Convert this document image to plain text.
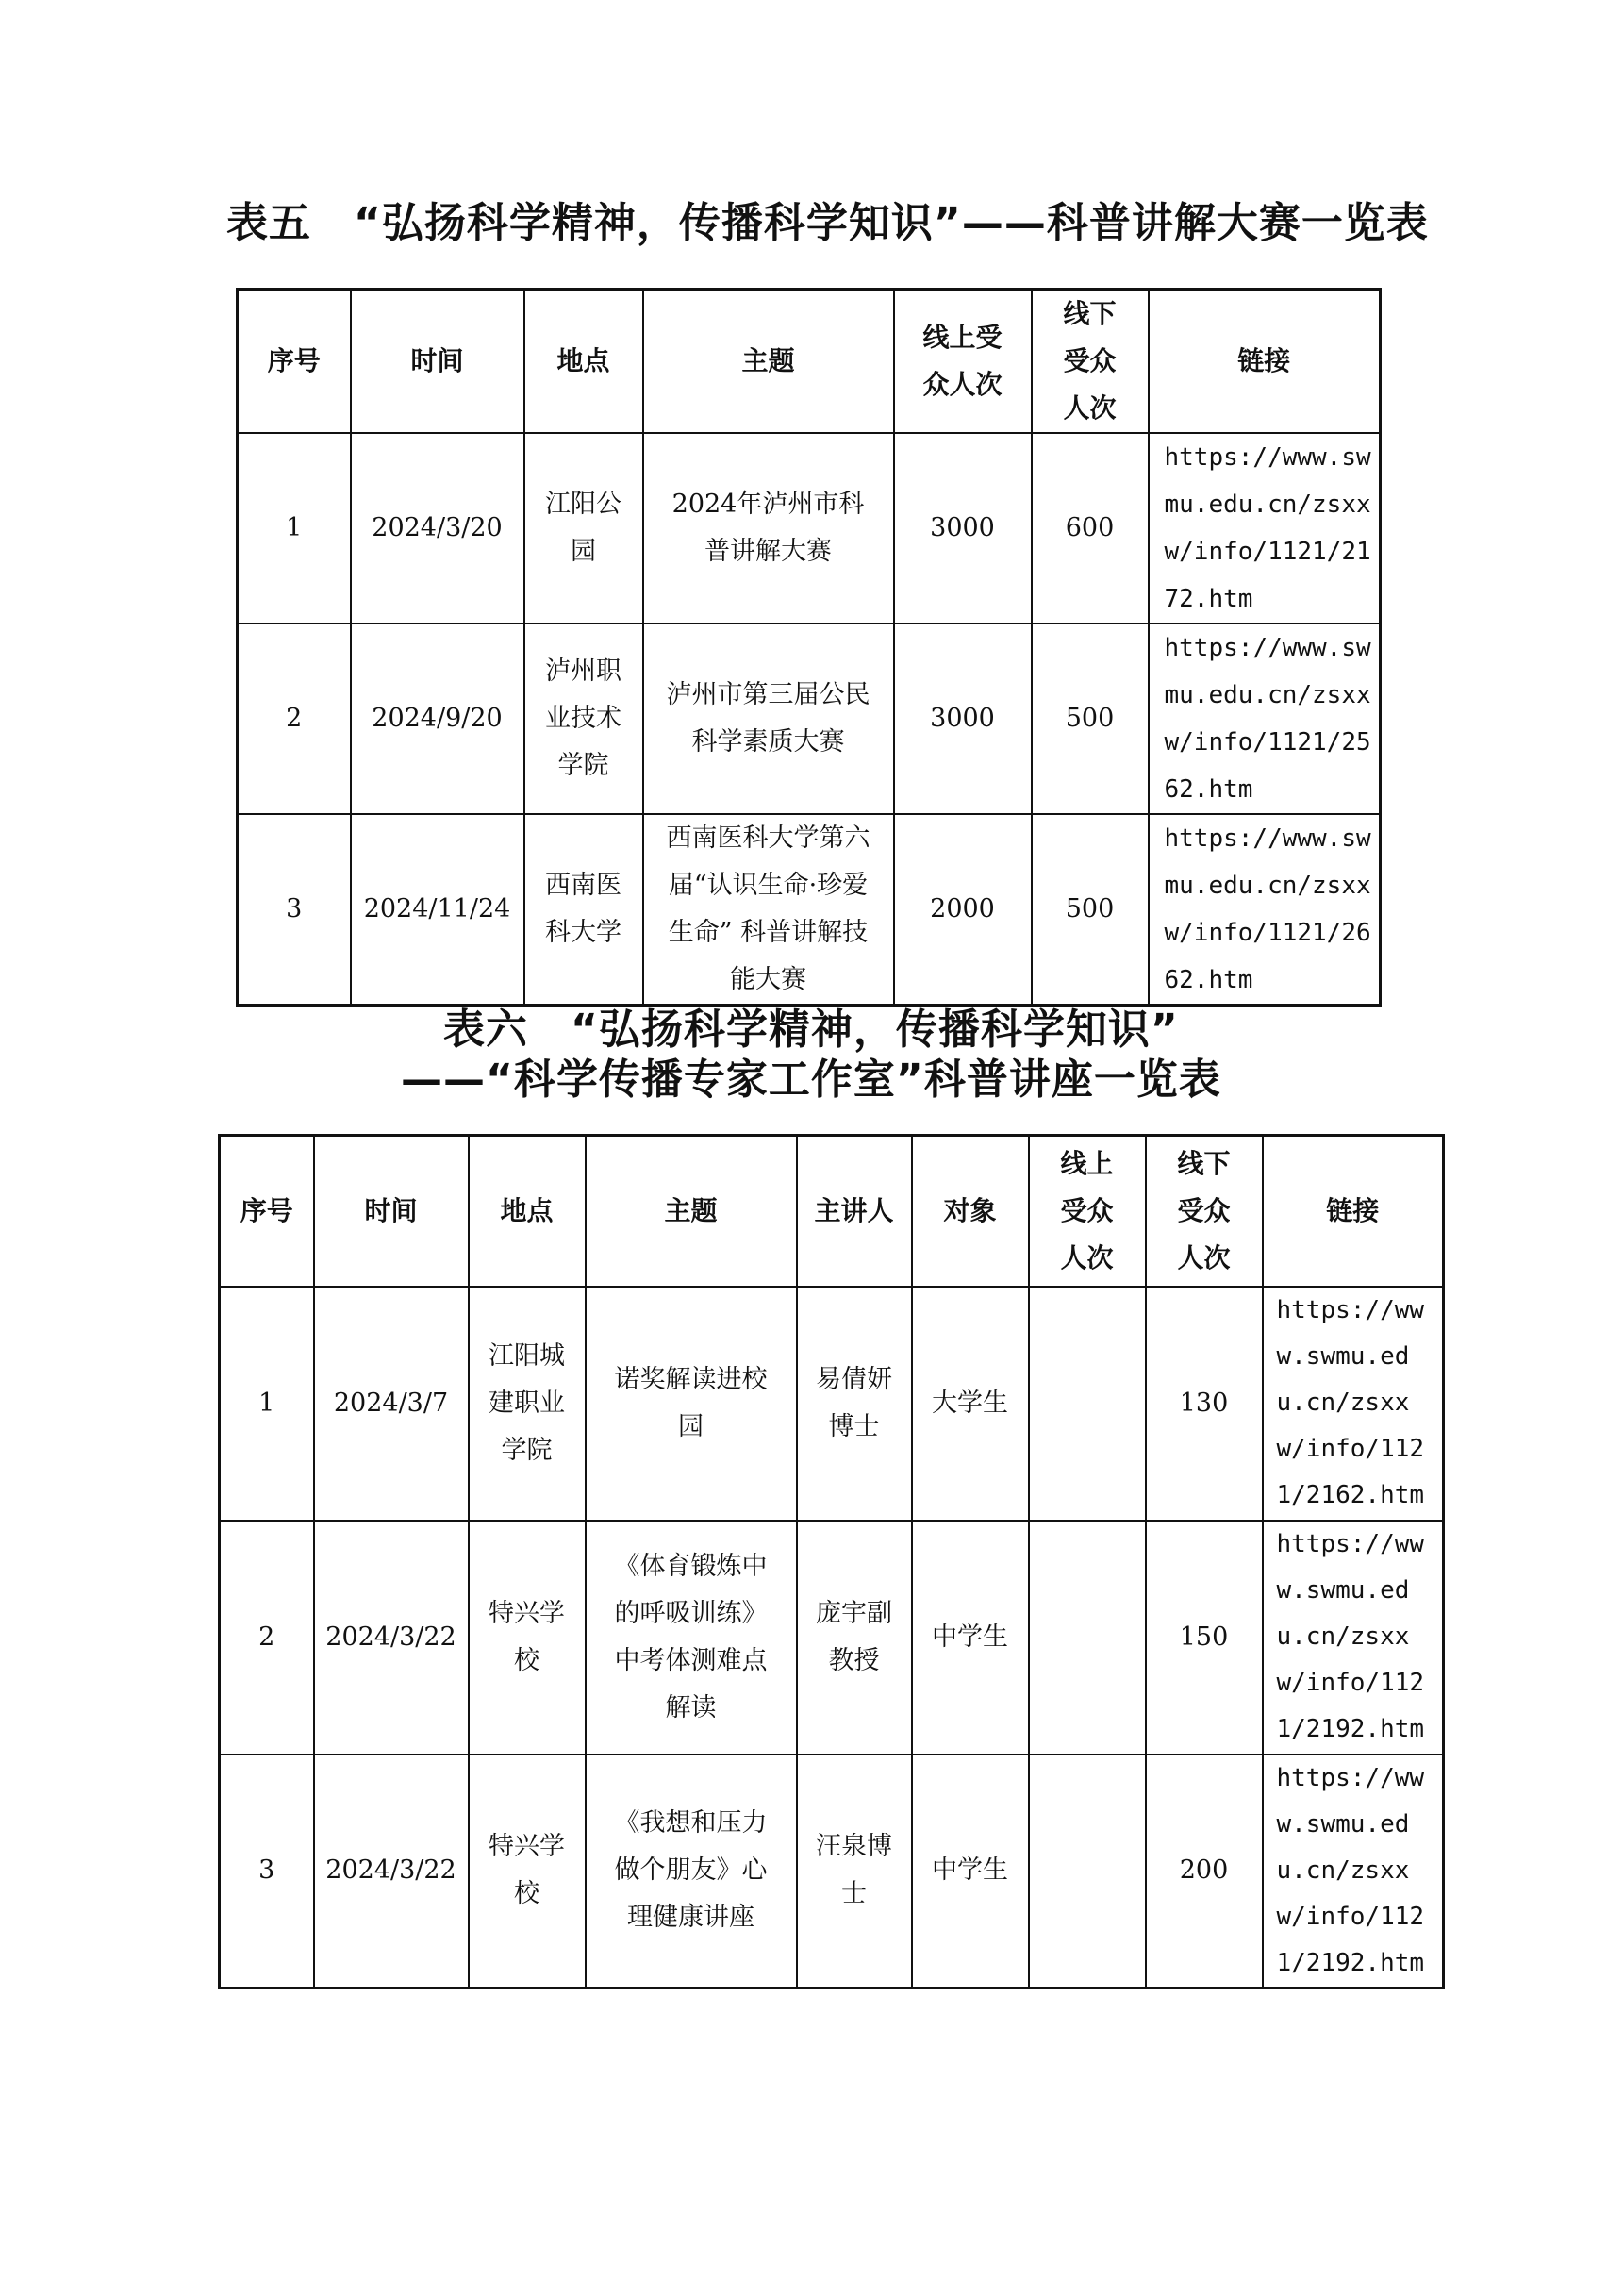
表五　“弘扬科学精神，传播科学知识”——科普讲解大赛一览表
序号	时间	地点	主题	线上受众人次	线下受众人次	链接
1	2024/3/20	江阳公园	2024年泸州市科普讲解大赛	3000	600	https://www.swmu.edu.cn/zsxxw/info/1121/2172.htm
2	2024/9/20	泸州职业技术学院	泸州市第三届公民科学素质大赛	3000	500	https://www.swmu.edu.cn/zsxxw/info/1121/2562.htm
3	2024/11/24	西南医科大学	西南医科大学第六届“认识生命·珍爱生命” 科普讲解技能大赛	2000	500	https://www.swmu.edu.cn/zsxxw/info/1121/2662.htm
表六　“弘扬科学精神，传播科学知识”
——“科学传播专家工作室”科普讲座一览表
序号	时间	地点	主题	主讲人	对象	线上受众人次	线下受众人次	链接
1	2024/3/7	江阳城建职业学院	诺奖解读进校园	易倩妍博士	大学生		130	https://www.swmu.edu.cn/zsxxw/info/1121/2162.htm
2	2024/3/22	特兴学校	《体育锻炼中的呼吸训练》中考体测难点解读	庞宇副教授	中学生		150	https://www.swmu.edu.cn/zsxxw/info/1121/2192.htm
3	2024/3/22	特兴学校	《我想和压力做个朋友》心理健康讲座	汪泉博士	中学生		200	https://www.swmu.edu.cn/zsxxw/info/1121/2192.htm
